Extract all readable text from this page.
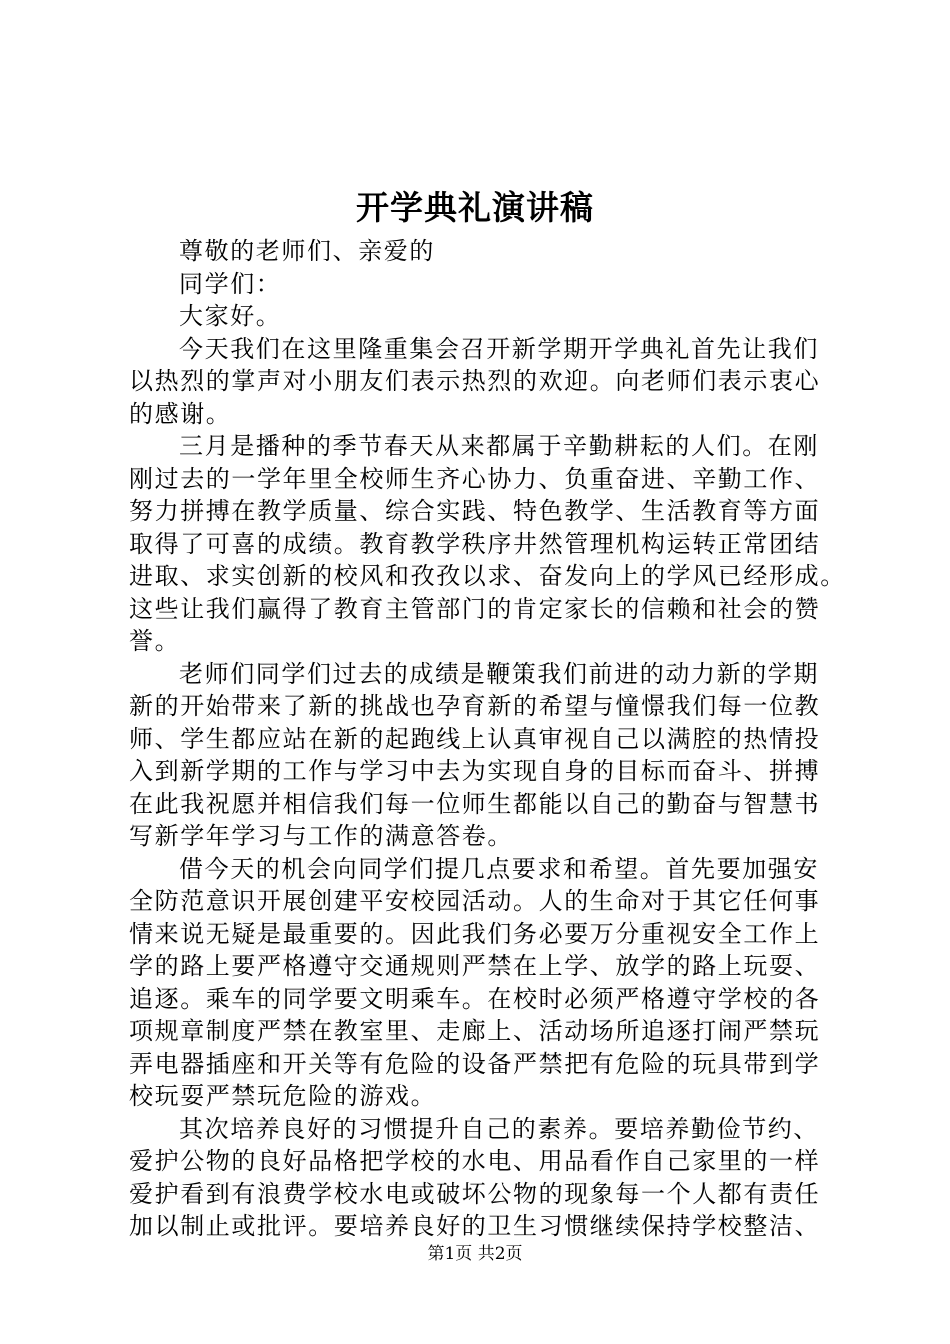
开学典礼演讲稿
尊敬的老师们、亲爱的
同学们：
大家好。
今天我们在这里隆重集会召开新学期开学典礼首先让我们
以热烈的掌声对小朋友们表示热烈的欢迎。向老师们表示衷心
的感谢。
三月是播种的季节春天从来都属于辛勤耕耘的人们。在刚
刚过去的一学年里全校师生齐心协力、负重奋进、辛勤工作、
努力拼搏在教学质量、综合实践、特色教学、生活教育等方面
取得了可喜的成绩。教育教学秩序井然管理机构运转正常团结
进取、求实创新的校风和孜孜以求、奋发向上的学风已经形成。
这些让我们赢得了教育主管部门的肯定家长的信赖和社会的赞
誉。
老师们同学们过去的成绩是鞭策我们前进的动力新的学期
新的开始带来了新的挑战也孕育新的希望与憧憬我们每一位教
师、学生都应站在新的起跑线上认真审视自己以满腔的热情投
入到新学期的工作与学习中去为实现自身的目标而奋斗、拼搏
在此我祝愿并相信我们每一位师生都能以自己的勤奋与智慧书
写新学年学习与工作的满意答卷。
借今天的机会向同学们提几点要求和希望。首先要加强安
全防范意识开展创建平安校园活动。人的生命对于其它任何事
情来说无疑是最重要的。因此我们务必要万分重视安全工作上
学的路上要严格遵守交通规则严禁在上学、放学的路上玩耍、
追逐。乘车的同学要文明乘车。在校时必须严格遵守学校的各
项规章制度严禁在教室里、走廊上、活动场所追逐打闹严禁玩
弄电器插座和开关等有危险的设备严禁把有危险的玩具带到学
校玩耍严禁玩危险的游戏。
其次培养良好的习惯提升自己的素养。要培养勤俭节约、
爱护公物的良好品格把学校的水电、用品看作自己家里的一样
爱护看到有浪费学校水电或破坏公物的现象每一个人都有责任
加以制止或批评。要培养良好的卫生习惯继续保持学校整洁、
第1页 共2页
